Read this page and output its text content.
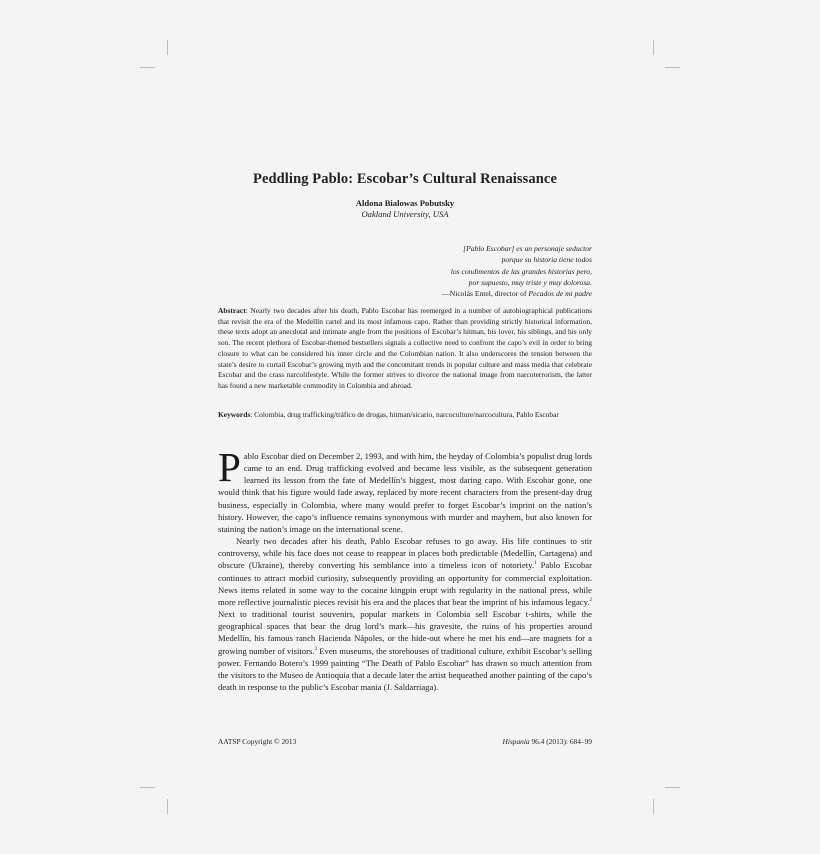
Peddling Pablo: Escobar’s Cultural Renaissance
Aldona Bialowas Pobutsky
Oakland University, USA
[Pablo Escobar] es un personaje seductor
porque su historia tiene todos
los condimentos de las grandes historias pero,
por supuesto, muy triste y muy dolorosa.
—Nicolás Entel, director of Pecados de mi padre
Abstract: Nearly two decades after his death, Pablo Escobar has reemerged in a number of autobiographical publications that revisit the era of the Medellín cartel and its most infamous capo. Rather than providing strictly historical information, these texts adopt an anecdotal and intimate angle from the positions of Escobar’s hitman, his lover, his siblings, and his only son. The recent plethora of Escobar-themed bestsellers signals a collective need to confront the capo’s evil in order to bring closure to what can be considered his inner circle and the Colombian nation. It also underscores the tension between the state’s desire to curtail Escobar’s growing myth and the concomitant trends in popular culture and mass media that celebrate Escobar and the crass narcolifestyle. While the former strives to divorce the national image from narcoterrorism, the latter has found a new marketable commodity in Colombia and abroad.
Keywords: Colombia, drug trafficking/tráfico de drogas, hitman/sicario, narcoculture/narcocultura, Pablo Escobar

Pablo Escobar died on December 2, 1993, and with him, the heyday of Colombia’s populist drug lords came to an end. Drug trafficking evolved and became less visible, as the subsequent generation learned its lesson from the fate of Medellín’s biggest, most daring capo. With Escobar gone, one would think that his figure would fade away, replaced by more recent characters from the present-day drug business, especially in Colombia, where many would prefer to forget Escobar’s imprint on the nation’s history. However, the capo’s influence remains synonymous with murder and mayhem, but also known for staining the nation’s image on the international scene.

Nearly two decades after his death, Pablo Escobar refuses to go away. His life continues to stir controversy, while his face does not cease to reappear in places both predictable (Medellín, Cartagena) and obscure (Ukraine), thereby converting his semblance into a timeless icon of notoriety.$^1$ Pablo Escobar continues to attract morbid curiosity, subsequently providing an opportunity for commercial exploitation. News items related in some way to the cocaine kingpin erupt with regularity in the national press, while more reflective journalistic pieces revisit his era and the places that bear the imprint of his infamous legacy.$^2$ Next to traditional tourist souvenirs, popular markets in Colombia sell Escobar t-shirts, while the geographical spaces that bear the drug lord’s mark—his gravesite, the ruins of his properties around Medellín, his famous ranch Hacienda Nápoles, or the hide-out where he met his end—are magnets for a growing number of visitors.$^3$ Even museums, the storehouses of traditional culture, exhibit Escobar’s selling power. Fernando Botero’s 1999 painting “The Death of Pablo Escobar” has drawn so much attention from the visitors to the Museo de Antioquia that a decade later the artist bequeathed another painting of the capo’s death in response to the public’s Escobar mania (J. Saldarriaga).

AATSP Copyright © 2013	Hispania 96.4 (2013): 684–99
